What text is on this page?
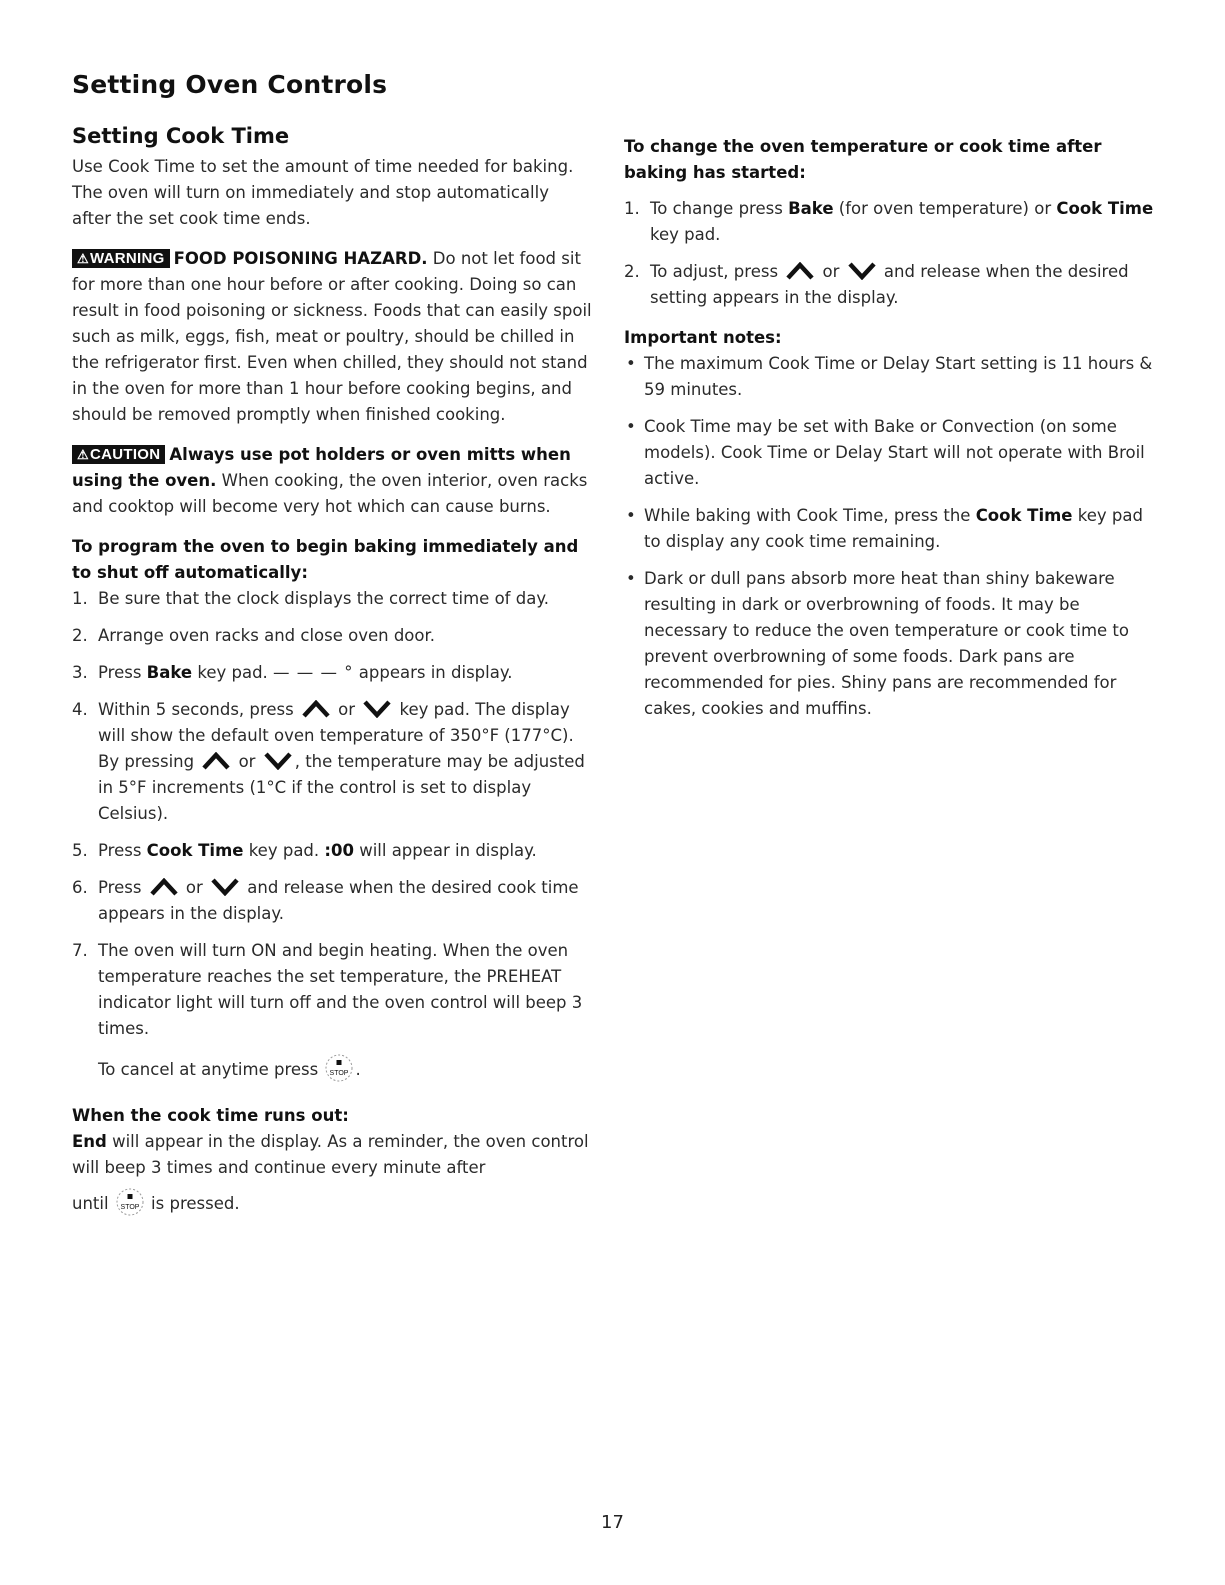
Setting Oven Controls
Setting Cook Time

Use Cook Time to set the amount of time needed for baking. The oven will turn on immediately and stop automatically after the set cook time ends.

⚠WARNING FOOD POISONING HAZARD. Do not let food sit for more than one hour before or after cooking. Doing so can result in food poisoning or sickness. Foods that can easily spoil such as milk, eggs, fish, meat or poultry, should be chilled in the refrigerator first. Even when chilled, they should not stand in the oven for more than 1 hour before cooking begins, and should be removed promptly when finished cooking.

⚠CAUTION Always use pot holders or oven mitts when using the oven. When cooking, the oven interior, oven racks and cooktop will become very hot which can cause burns.

To program the oven to begin baking immediately and to shut off automatically:
1. Be sure that the clock displays the correct time of day.
2. Arrange oven racks and close oven door.
3. Press Bake key pad. — — — ° appears in display.
4. Within 5 seconds, press  or  key pad. The display will show the default oven temperature of 350°F (177°C). By pressing  or , the temperature may be adjusted in 5°F increments (1°C if the control is set to display Celsius).
5. Press Cook Time key pad. :00 will appear in display.
6. Press  or  and release when the desired cook time appears in the display.
7. The oven will turn ON and begin heating. When the oven temperature reaches the set temperature, the PREHEAT indicator light will turn off and the oven control will beep 3 times.

To cancel at anytime press STOP .

When the cook time runs out:

End will appear in the display. As a reminder, the oven control will beep 3 times and continue every minute after

until STOP is pressed.

To change the oven temperature or cook time after baking has started:
1. To change press Bake (for oven temperature) or Cook Time key pad.
2. To adjust, press  or  and release when the desired setting appears in the display.
Important notes:
• The maximum Cook Time or Delay Start setting is 11 hours & 59 minutes.
• Cook Time may be set with Bake or Convection (on some models). Cook Time or Delay Start will not operate with Broil active.
• While baking with Cook Time, press the Cook Time key pad to display any cook time remaining.
• Dark or dull pans absorb more heat than shiny bakeware resulting in dark or overbrowning of foods. It may be necessary to reduce the oven temperature or cook time to prevent overbrowning of some foods. Dark pans are recommended for pies. Shiny pans are recommended for cakes, cookies and muffins.
17
